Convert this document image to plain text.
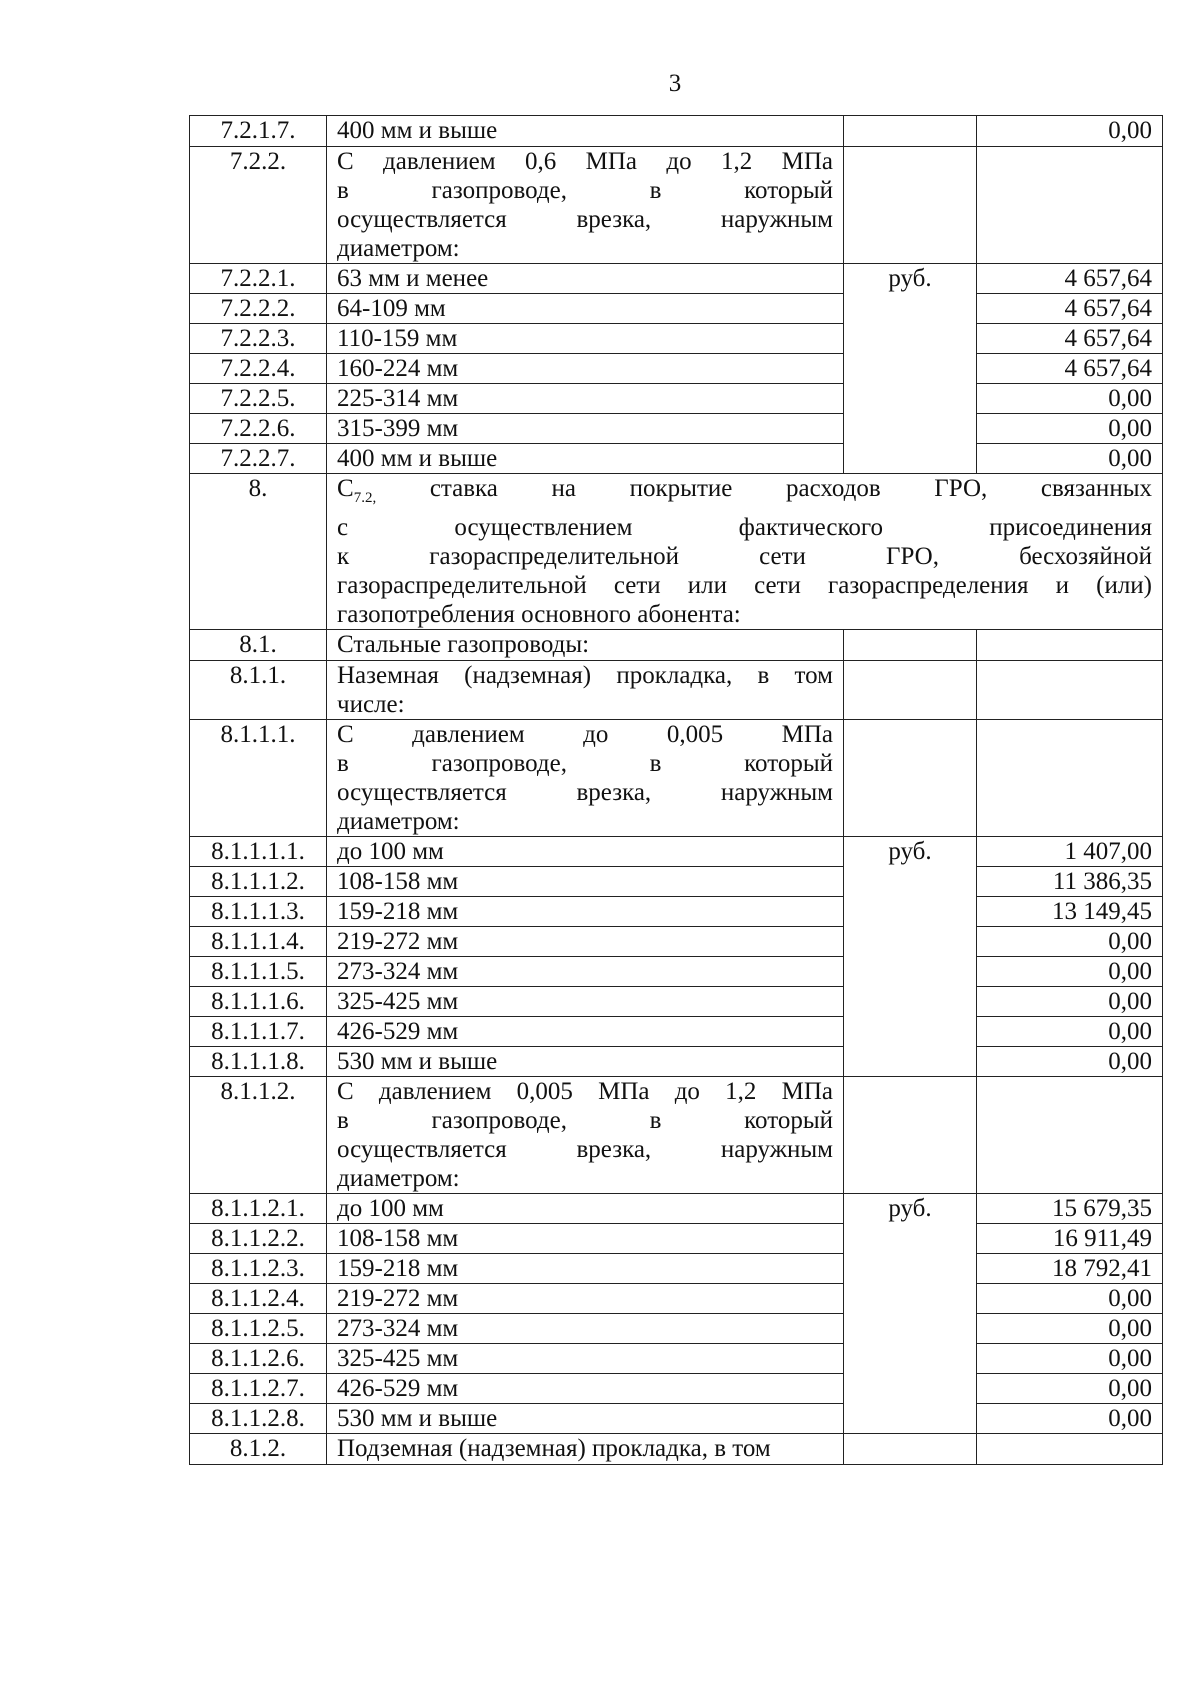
3
7.2.1.7.	400 мм и выше		0,00
7.2.2.	С давлением 0,6 МПа до 1,2 МПа
в газопроводе, в который
осуществляется врезка, наружным
диаметром:		

7.2.2.1.	63 мм и менее	руб.	4 657,64
7.2.2.2.	64-109 мм		4 657,64
7.2.2.3.	110-159 мм		4 657,64
7.2.2.4.	160-224 мм		4 657,64
7.2.2.5.	225-314 мм		0,00
7.2.2.6.	315-399 мм		0,00
7.2.2.7.	400 мм и выше		0,00
8.	$С_{7.2,}$ ставка на покрытие расходов ГРО, связанных
с осуществлением фактического присоединения
к газораспределительной сети ГРО, бесхозяйной
газораспределительной сети или сети газораспределения и (или)
газопотребления основного абонента:		

8.1.	Стальные газопроводы:		
8.1.1.	Наземная (надземная) прокладка, в том
числе:		

8.1.1.1.	С давлением до 0,005 МПа
в газопроводе, в который
осуществляется врезка, наружным
диаметром:		

8.1.1.1.1.	до 100 мм	руб.	1 407,00
8.1.1.1.2.	108-158 мм		11 386,35
8.1.1.1.3.	159-218 мм		13 149,45
8.1.1.1.4.	219-272 мм		0,00
8.1.1.1.5.	273-324 мм		0,00
8.1.1.1.6.	325-425 мм		0,00
8.1.1.1.7.	426-529 мм		0,00
8.1.1.1.8.	530 мм и выше		0,00
8.1.1.2.	С давлением 0,005 МПа до 1,2 МПа
в газопроводе, в который
осуществляется врезка, наружным
диаметром:		

8.1.1.2.1.	до 100 мм	руб.	15 679,35
8.1.1.2.2.	108-158 мм		16 911,49
8.1.1.2.3.	159-218 мм		18 792,41
8.1.1.2.4.	219-272 мм		0,00
8.1.1.2.5.	273-324 мм		0,00
8.1.1.2.6.	325-425 мм		0,00
8.1.1.2.7.	426-529 мм		0,00
8.1.1.2.8.	530 мм и выше		0,00
8.1.2.	Подземная (надземная) прокладка, в том		
